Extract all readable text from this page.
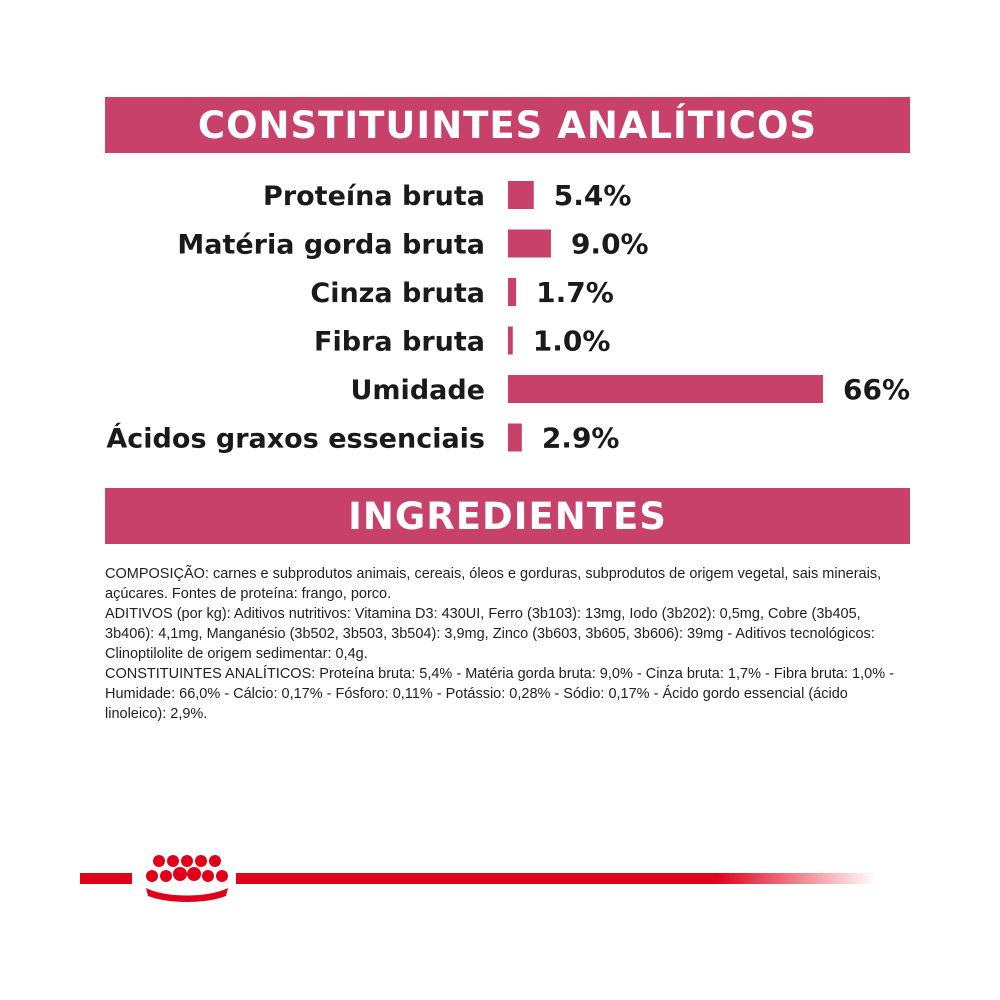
CONSTITUINTES ANALÍTICOS
Proteína bruta 5.4%
Matéria gorda bruta	9.0%
Cinza bruta 1.7%
Fibra bruta 1.0%
Umidade	66%
Ácidos graxos essenciais 2.9%
INGREDIENTES

COMPOSIÇÃO: carnes e subprodutos animais, cereais, óleos e gorduras, subprodutos de origem vegetal, sais minerais, açúcares. Fontes de proteína: frango, porco.

ADITIVOS (por kg): Aditivos nutritivos: Vitamina D3: 430UI, Ferro (3b103): 13mg, Iodo (3b202): 0,5mg, Cobre (3b405, 3b406): 4,1mg, Manganésio (3b502, 3b503, 3b504): 3,9mg, Zinco (3b603, 3b605, 3b606): 39mg - Aditivos tecnológicos: Clinoptilolite de origem sedimentar: 0,4g.

CONSTITUINTES ANALÍTICOS: Proteína bruta: 5,4% - Matéria gorda bruta: 9,0% - Cinza bruta: 1,7% - Fibra bruta: 1,0% - Humidade: 66,0% - Cálcio: 0,17% - Fósforo: 0,11% - Potássio: 0,28% - Sódio: 0,17% - Ácido gordo essencial (ácido linoleico): 2,9%.
